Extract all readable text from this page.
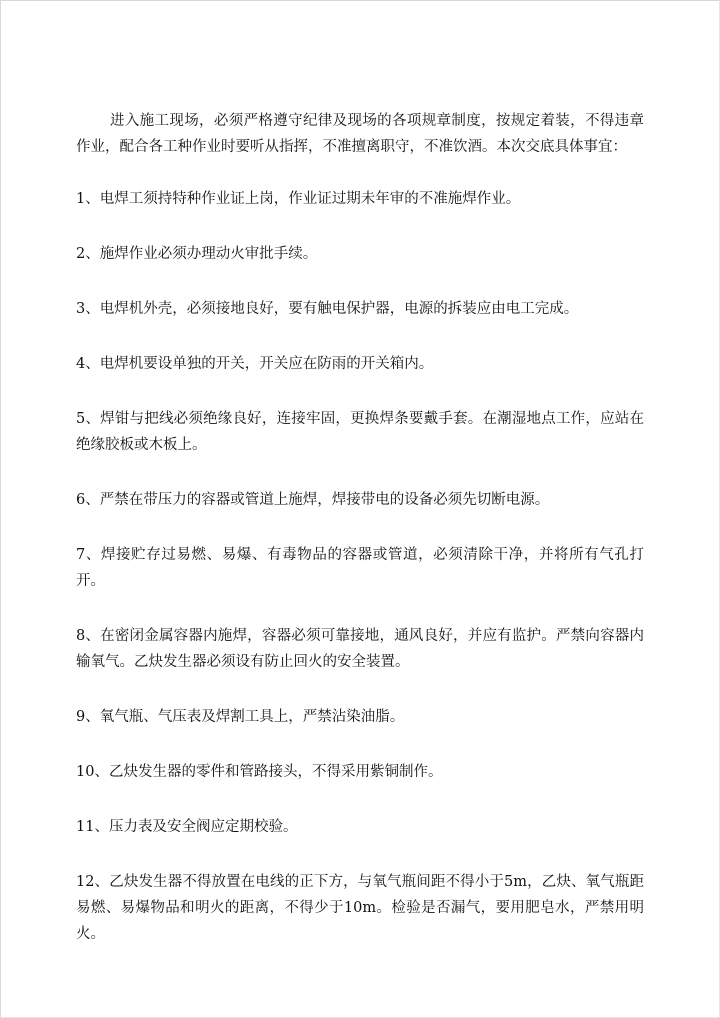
进入施工现场，必须严格遵守纪律及现场的各项规章制度，按规定着装，不得违章作业，配合各工种作业时要听从指挥，不准擅离职守，不准饮酒。本次交底具体事宜：

1、电焊工须持特种作业证上岗，作业证过期未年审的不准施焊作业。

2、施焊作业必须办理动火审批手续。

3、电焊机外壳，必须接地良好，要有触电保护器，电源的拆装应由电工完成。

4、电焊机要设单独的开关，开关应在防雨的开关箱内。

5、焊钳与把线必须绝缘良好，连接牢固，更换焊条要戴手套。在潮湿地点工作，应站在绝缘胶板或木板上。

6、严禁在带压力的容器或管道上施焊，焊接带电的设备必须先切断电源。

7、焊接贮存过易燃、易爆、有毒物品的容器或管道，必须清除干净，并将所有气孔打开。

8、在密闭金属容器内施焊，容器必须可靠接地，通风良好，并应有监护。严禁向容器内输氧气。乙炔发生器必须设有防止回火的安全装置。

9、氧气瓶、气压表及焊割工具上，严禁沾染油脂。

10、乙炔发生器的零件和管路接头，不得采用紫铜制作。

11、压力表及安全阀应定期校验。

12、乙炔发生器不得放置在电线的正下方，与氧气瓶间距不得小于5m，乙炔、氧气瓶距易燃、易爆物品和明火的距离，不得少于10m。检验是否漏气，要用肥皂水，严禁用明火。
